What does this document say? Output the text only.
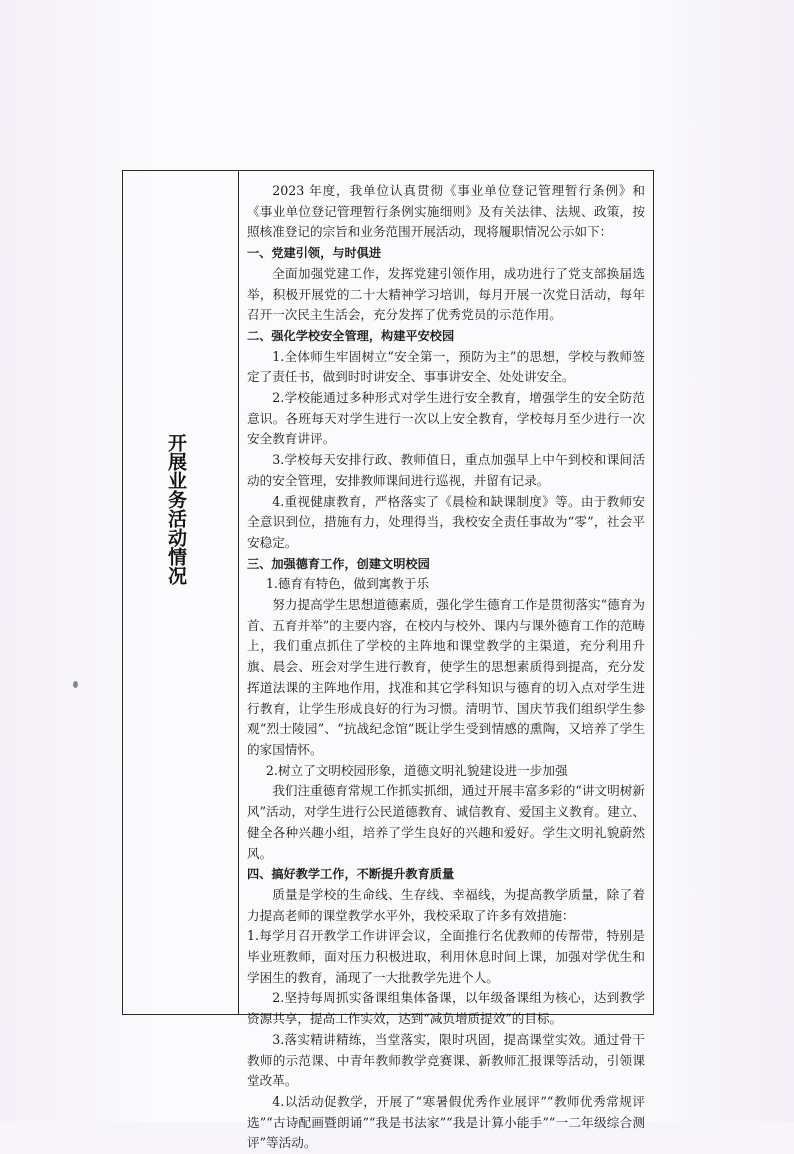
开展业务活动情况

2023 年度，我单位认真贯彻《事业单位登记管理暂行条例》和《事业单位登记管理暂行条例实施细则》及有关法律、法规、政策，按照核准登记的宗旨和业务范围开展活动，现将履职情况公示如下：

一、党建引领，与时俱进

全面加强党建工作，发挥党建引领作用，成功进行了党支部换届选举，积极开展党的二十大精神学习培训，每月开展一次党日活动，每年召开一次民主生活会，充分发挥了优秀党员的示范作用。

二、强化学校安全管理，构建平安校园

1.全体师生牢固树立“安全第一，预防为主”的思想，学校与教师签定了责任书，做到时时讲安全、事事讲安全、处处讲安全。

2.学校能通过多种形式对学生进行安全教育，增强学生的安全防范意识。各班每天对学生进行一次以上安全教育，学校每月至少进行一次安全教育讲评。

3.学校每天安排行政、教师值日，重点加强早上中午到校和课间活动的安全管理，安排教师课间进行巡视，并留有记录。

4.重视健康教育，严格落实了《晨检和缺课制度》等。由于教师安全意识到位，措施有力，处理得当，我校安全责任事故为“零”，社会平安稳定。

三、加强德育工作，创建文明校园

1.德育有特色，做到寓教于乐

努力提高学生思想道德素质，强化学生德育工作是贯彻落实“德育为首、五育并举”的主要内容，在校内与校外、课内与课外德育工作的范畴上，我们重点抓住了学校的主阵地和课堂教学的主渠道，充分利用升旗、晨会、班会对学生进行教育，使学生的思想素质得到提高，充分发挥道法课的主阵地作用，找准和其它学科知识与德育的切入点对学生进行教育，让学生形成良好的行为习惯。清明节、国庆节我们组织学生参观“烈士陵园”、“抗战纪念馆”既让学生受到情感的熏陶，又培养了学生的家国情怀。

2.树立了文明校园形象，道德文明礼貌建设进一步加强

我们注重德育常规工作抓实抓细，通过开展丰富多彩的“讲文明树新风”活动，对学生进行公民道德教育、诚信教育、爱国主义教育。建立、健全各种兴趣小组，培养了学生良好的兴趣和爱好。学生文明礼貌蔚然风。

四、搞好教学工作，不断提升教育质量

质量是学校的生命线、生存线、幸福线，为提高教学质量，除了着力提高老师的课堂教学水平外，我校采取了许多有效措施：

1.每学月召开教学工作讲评会议，全面推行名优教师的传帮带，特别是毕业班教师，面对压力积极进取，利用休息时间上课，加强对学优生和学困生的教育，涌现了一大批教学先进个人。

2.坚持每周抓实备课组集体备课，以年级备课组为核心，达到教学资源共享，提高工作实效，达到“减负增质提效”的目标。

3.落实精讲精练，当堂落实，限时巩固，提高课堂实效。通过骨干教师的示范课、中青年教师教学竞赛课、新教师汇报课等活动，引领课堂改革。

4.以活动促教学，开展了“寒暑假优秀作业展评”“教师优秀常规评选”“古诗配画暨朗诵”“我是书法家”“我是计算小能手”“一二年级综合测评”等活动。
